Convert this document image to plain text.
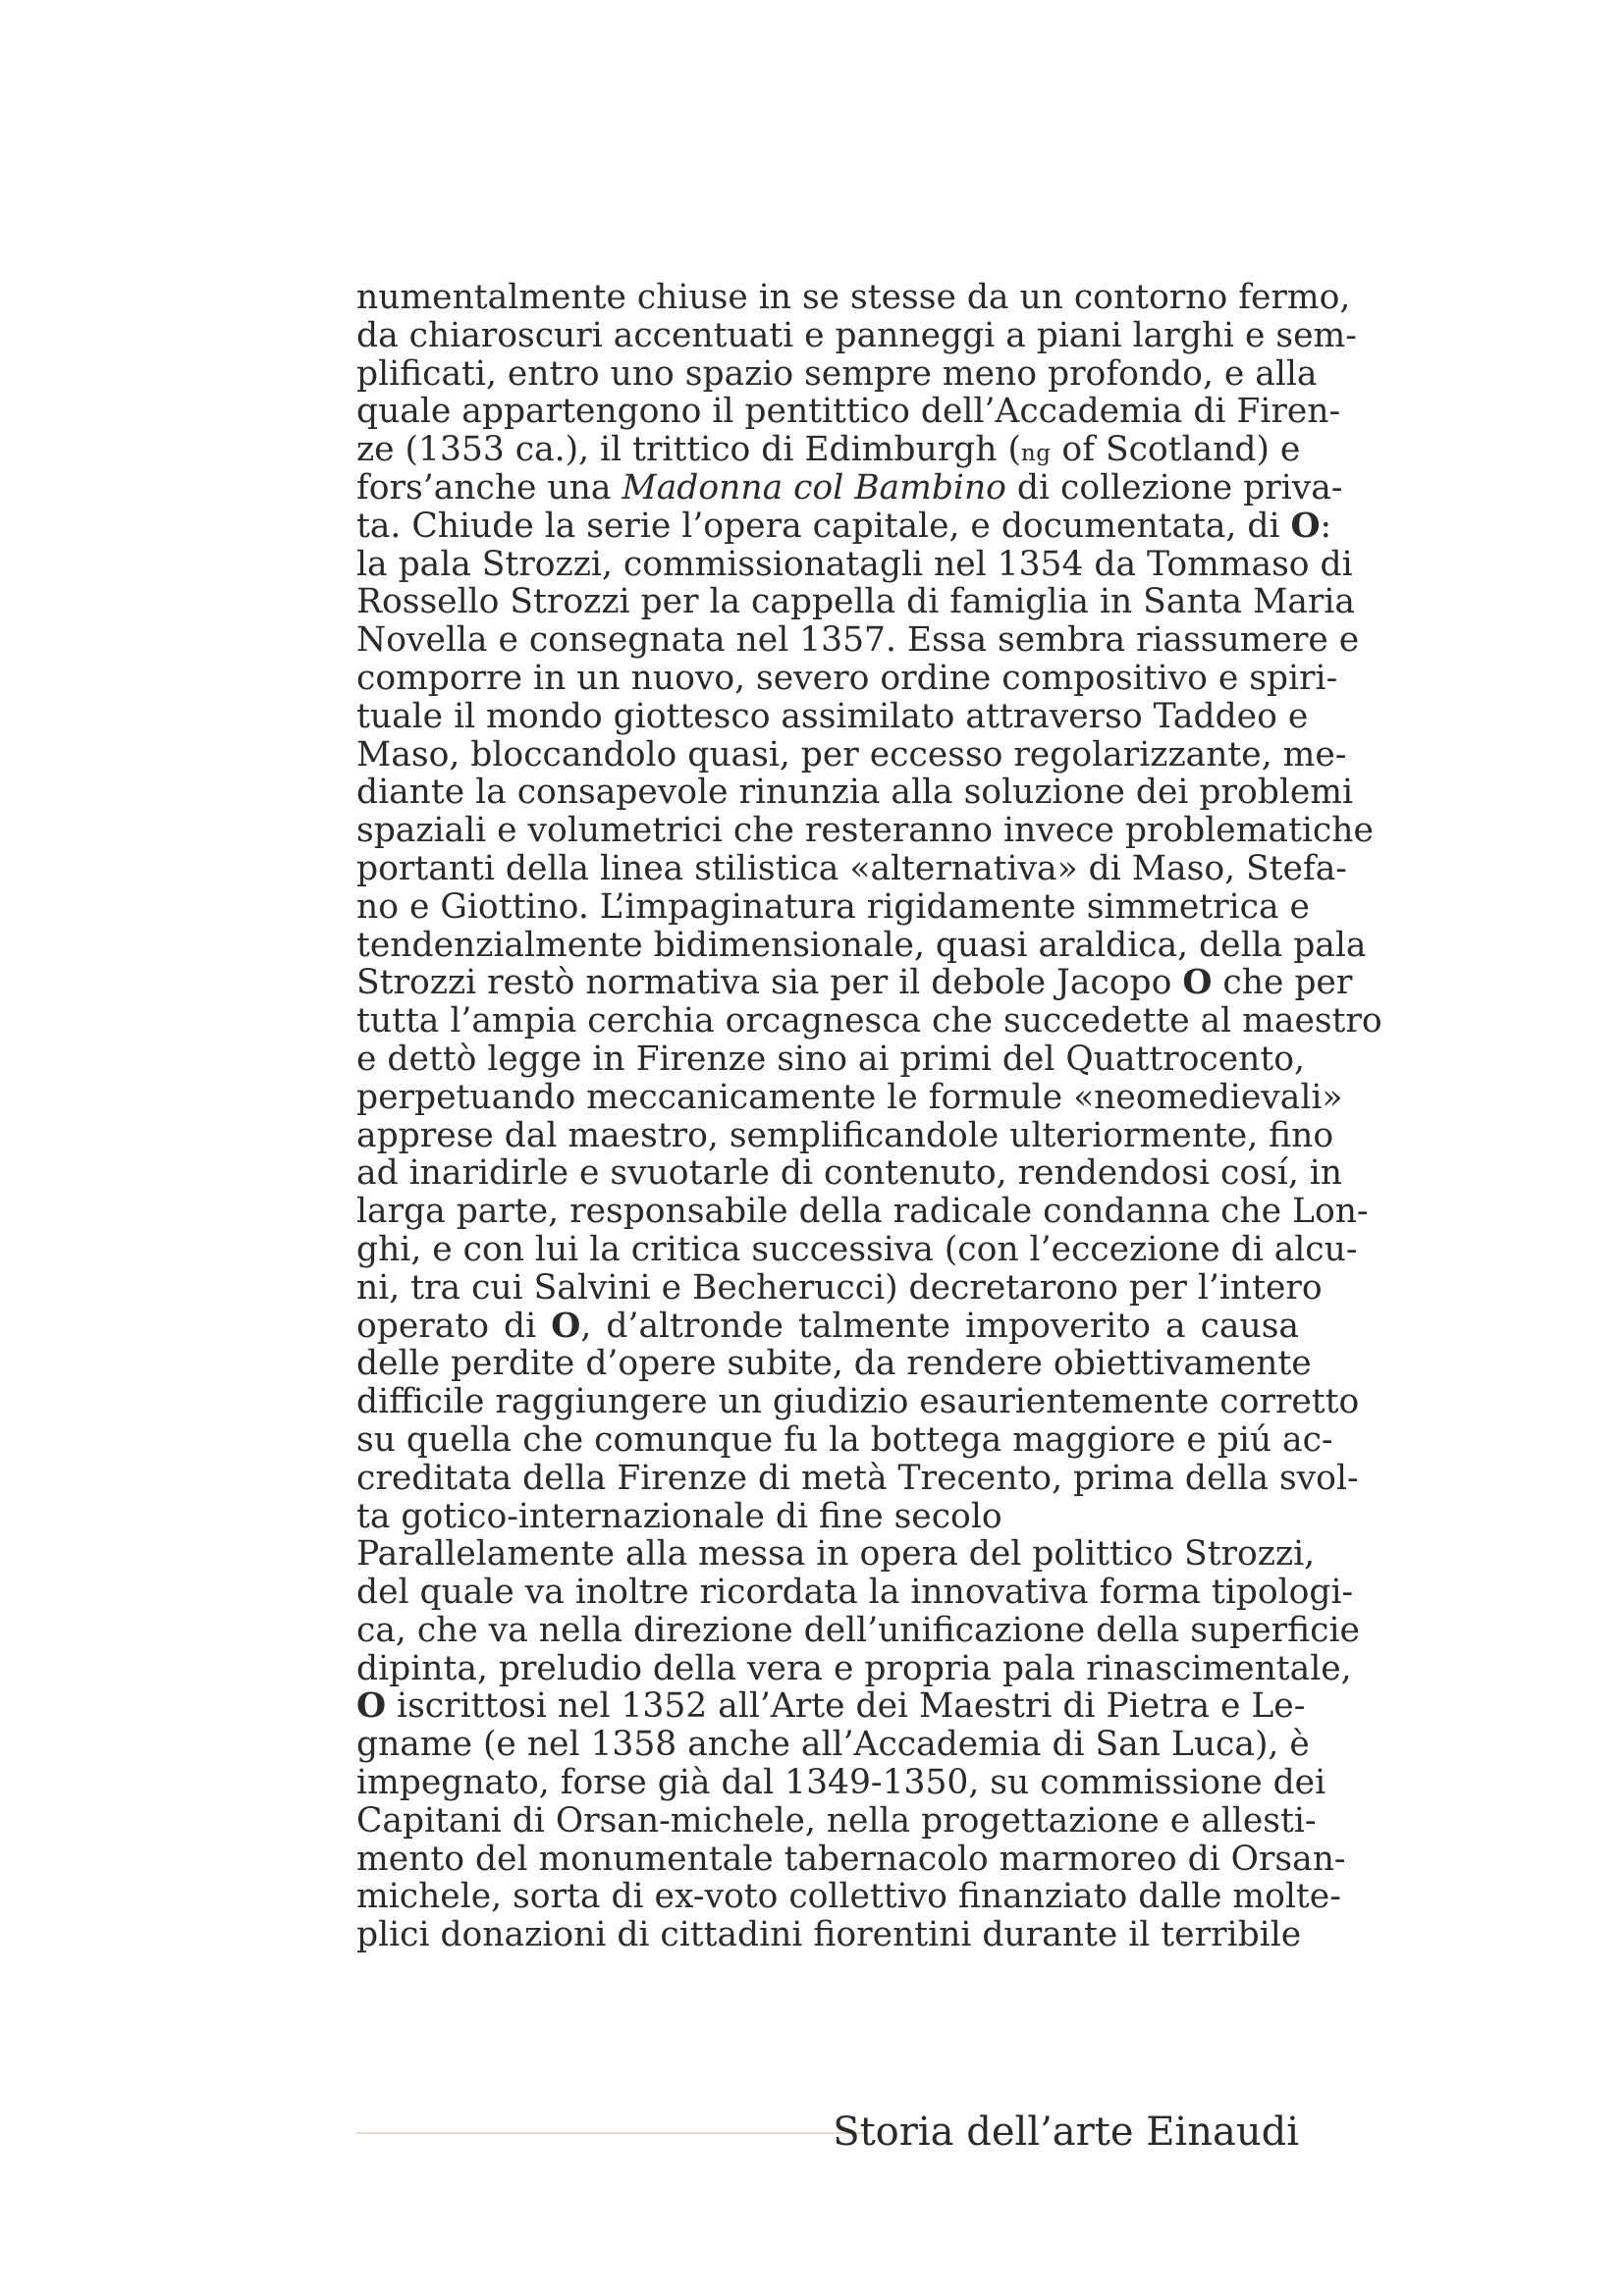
numentalmente chiuse in se stesse da un contorno fermo,
da chiaroscuri accentuati e panneggi a piani larghi e sem-
plificati, entro uno spazio sempre meno profondo, e alla
quale appartengono il pentittico dell’Accademia di Firen-
ze (1353 ca.), il trittico di Edimburgh (ng of Scotland) e
fors’anche una Madonna col Bambino di collezione priva-
ta. Chiude la serie l’opera capitale, e documentata, di O:
la pala Strozzi, commissionatagli nel 1354 da Tommaso di
Rossello Strozzi per la cappella di famiglia in Santa Maria
Novella e consegnata nel 1357. Essa sembra riassumere e
comporre in un nuovo, severo ordine compositivo e spiri-
tuale il mondo giottesco assimilato attraverso Taddeo e
Maso, bloccandolo quasi, per eccesso regolarizzante, me-
diante la consapevole rinunzia alla soluzione dei problemi
spaziali e volumetrici che resteranno invece problematiche
portanti della linea stilistica «alternativa» di Maso, Stefa-
no e Giottino. L’impaginatura rigidamente simmetrica e
tendenzialmente bidimensionale, quasi araldica, della pala
Strozzi restò normativa sia per il debole Jacopo O che per
tutta l’ampia cerchia orcagnesca che succedette al maestro
e dettò legge in Firenze sino ai primi del Quattrocento,
perpetuando meccanicamente le formule «neomedievali»
apprese dal maestro, semplificandole ulteriormente, fino
ad inaridirle e svuotarle di contenuto, rendendosi cosí, in
larga parte, responsabile della radicale condanna che Lon-
ghi, e con lui la critica successiva (con l’eccezione di alcu-
ni, tra cui Salvini e Becherucci) decretarono per l’intero
operato di O, d’altronde talmente impoverito a causa
delle perdite d’opere subite, da rendere obiettivamente
difficile raggiungere un giudizio esaurientemente corretto
su quella che comunque fu la bottega maggiore e piú ac-
creditata della Firenze di metà Trecento, prima della svol-
ta gotico-internazionale di fine secolo
Parallelamente alla messa in opera del polittico Strozzi,
del quale va inoltre ricordata la innovativa forma tipologi-
ca, che va nella direzione dell’unificazione della superficie
dipinta, preludio della vera e propria pala rinascimentale,
O iscrittosi nel 1352 all’Arte dei Maestri di Pietra e Le-
gname (e nel 1358 anche all’Accademia di San Luca), è
impegnato, forse già dal 1349-1350, su commissione dei
Capitani di Orsan-michele, nella progettazione e allesti-
mento del monumentale tabernacolo marmoreo di Orsan-
michele, sorta di ex-voto collettivo finanziato dalle molte-
plici donazioni di cittadini fiorentini durante il terribile
Storia dell’arte Einaudi
